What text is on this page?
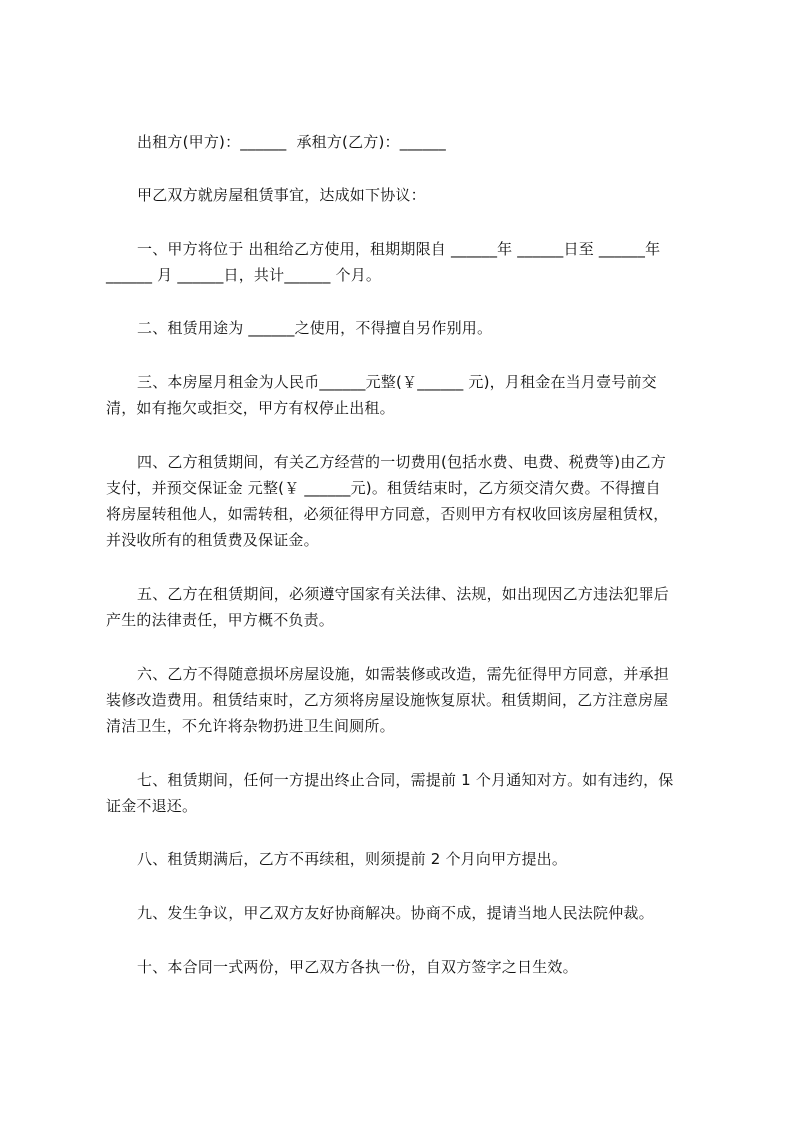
出租方(甲方)：______  承租方(乙方)：______
甲乙双方就房屋租赁事宜，达成如下协议：
一、甲方将位于 出租给乙方使用，租期期限自 ______年 ______日至 ______年
______ 月 ______日，共计______ 个月。
二、租赁用途为 ______之使用，不得擅自另作别用。
三、本房屋月租金为人民币______元整(￥______ 元)，月租金在当月壹号前交
清，如有拖欠或拒交，甲方有权停止出租。
四、乙方租赁期间，有关乙方经营的一切费用(包括水费、电费、税费等)由乙方
支付，并预交保证金 元整(￥ ______元)。租赁结束时，乙方须交清欠费。不得擅自
将房屋转租他人，如需转租，必须征得甲方同意，否则甲方有权收回该房屋租赁权，
并没收所有的租赁费及保证金。
五、乙方在租赁期间，必须遵守国家有关法律、法规，如出现因乙方违法犯罪后
产生的法律责任，甲方概不负责。
六、乙方不得随意损坏房屋设施，如需装修或改造，需先征得甲方同意，并承担
装修改造费用。租赁结束时，乙方须将房屋设施恢复原状。租赁期间，乙方注意房屋
清洁卫生，不允许将杂物扔进卫生间厕所。
七、租赁期间，任何一方提出终止合同，需提前 1 个月通知对方。如有违约，保
证金不退还。
八、租赁期满后，乙方不再续租，则须提前 2 个月向甲方提出。
九、发生争议，甲乙双方友好协商解决。协商不成，提请当地人民法院仲裁。
十、本合同一式两份，甲乙双方各执一份，自双方签字之日生效。
